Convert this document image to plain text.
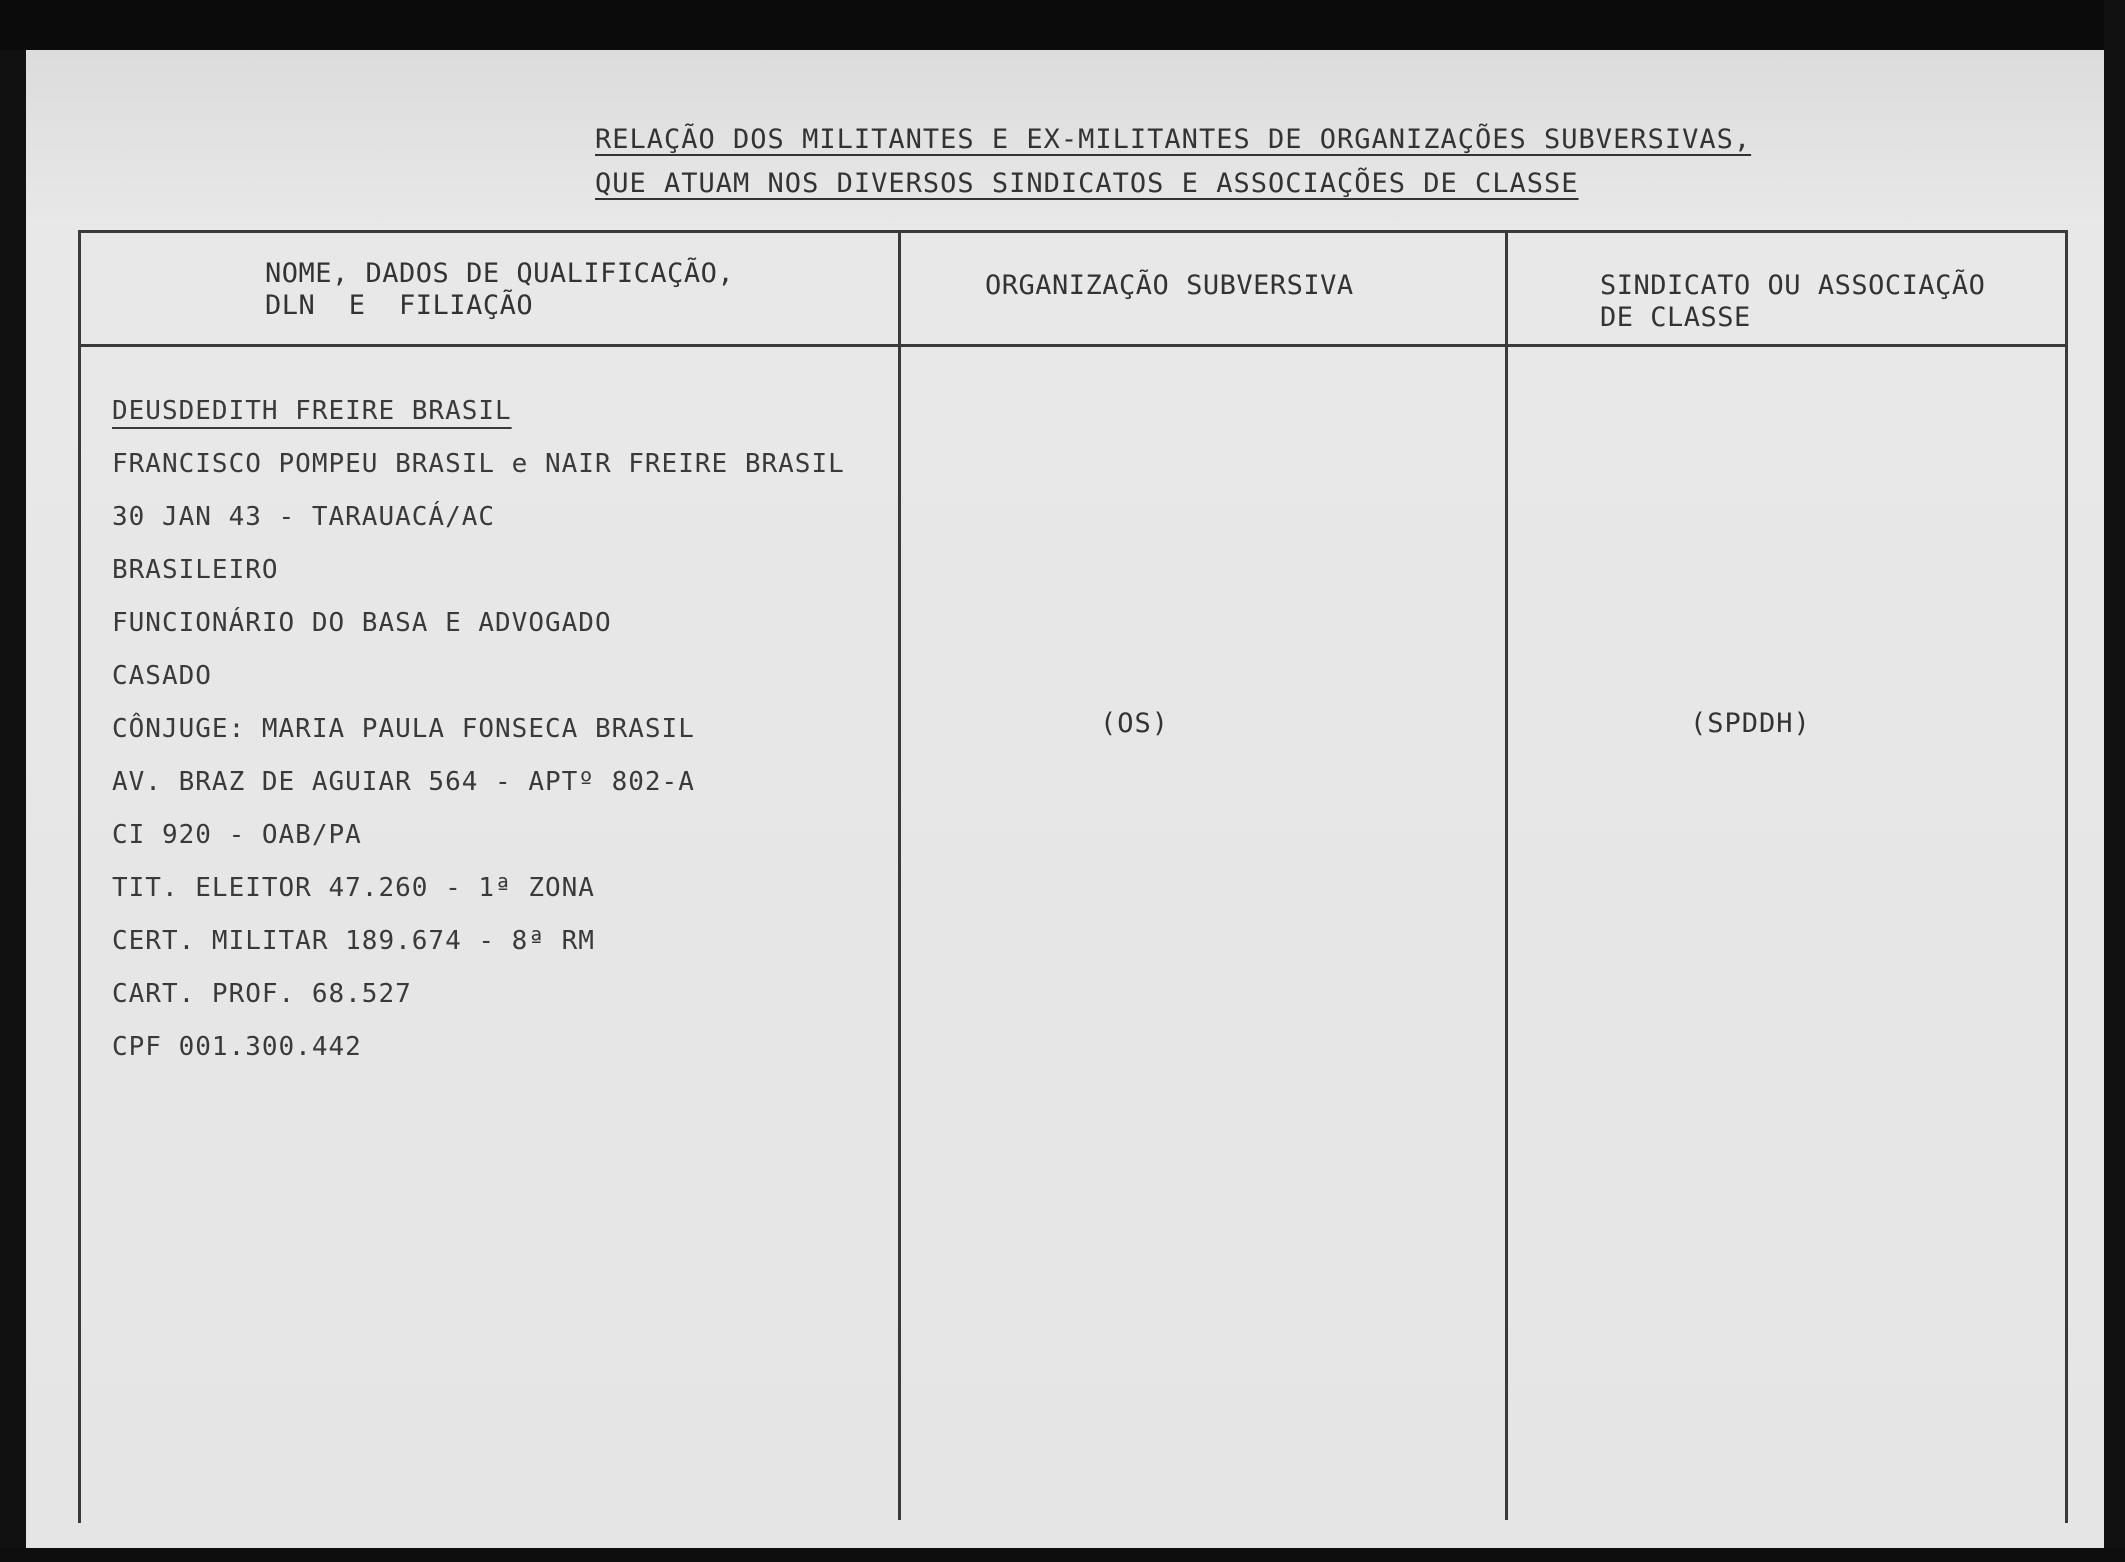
RELAÇÃO DOS MILITANTES E EX-MILITANTES DE ORGANIZAÇÕES SUBVERSIVAS,
QUE ATUAM NOS DIVERSOS SINDICATOS E ASSOCIAÇÕES DE CLASSE
NOME, DADOS DE QUALIFICAÇÃO,
DLN  E  FILIAÇÃO
ORGANIZAÇÃO SUBVERSIVA	SINDICATO OU ASSOCIAÇÃO
DE CLASSE
DEUSDEDITH FREIRE BRASIL
FRANCISCO POMPEU BRASIL e NAIR FREIRE BRASIL
30 JAN 43 - TARAUACÁ/AC
BRASILEIRO
FUNCIONÁRIO DO BASA E ADVOGADO
CASADO
CÔNJUGE: MARIA PAULA FONSECA BRASIL
AV. BRAZ DE AGUIAR 564 - APTº 802-A
CI 920 - OAB/PA
TIT. ELEITOR 47.260 - 1ª ZONA
CERT. MILITAR 189.674 - 8ª RM
CART. PROF. 68.527
CPF 001.300.442
(OS)	(SPDDH)
